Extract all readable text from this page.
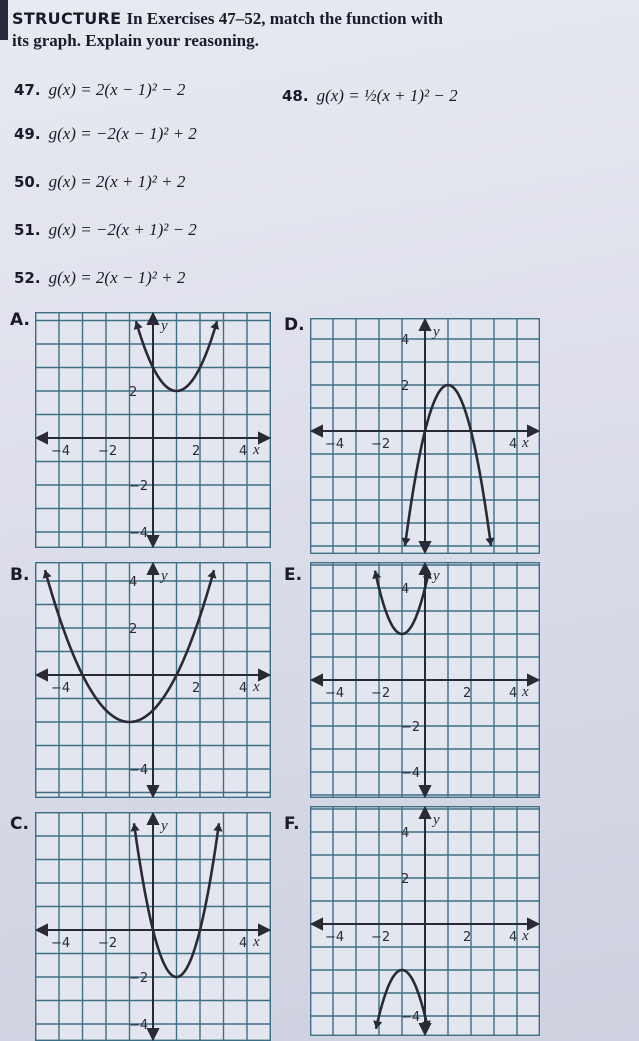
STRUCTURE In Exercises 47–52, match the function with
its graph. Explain your reasoning.
47. g(x) = 2(x − 1)² − 2	48. g(x) = ½(x + 1)² − 2
49. g(x) = −2(x − 1)² + 2
50. g(x) = 2(x + 1)² + 2
51. g(x) = −2(x + 1)² − 2
52. g(x) = 2(x − 1)² + 2
A.
B.
C.
D.
E.
F.
x
y
−4 −2	2	4
2
−2
−4
x
y
−4	2	4
4
2
−4
x
y
−4 −2	4
−2
−4
x
y
−4 −2	4
4
2
x
y
−4 −2	2	4
4
−2
−4
x
y
−4 −2	2	4
4
2
−4
